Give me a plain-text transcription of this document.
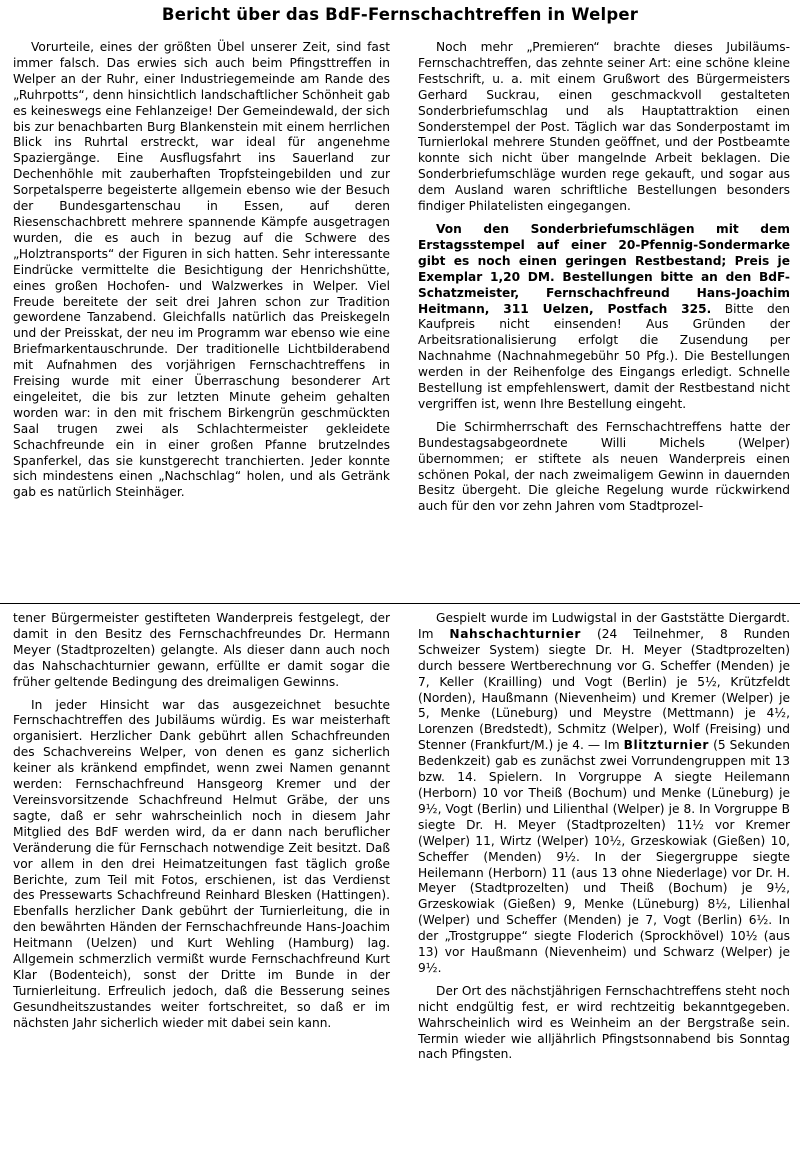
Bericht über das BdF-Fernschachtreffen in Welper

Vorurteile, eines der größten Übel unserer Zeit, sind fast immer falsch. Das erwies sich auch beim Pfingsttreffen in Welper an der Ruhr, einer Industriegemeinde am Rande des „Ruhrpotts“, denn hinsichtlich landschaftlicher Schönheit gab es keineswegs eine Fehlanzeige! Der Gemeindewald, der sich bis zur benachbarten Burg Blankenstein mit einem herrlichen Blick ins Ruhrtal erstreckt, war ideal für angenehme Spaziergänge. Eine Ausflugsfahrt ins Sauerland zur Dechenhöhle mit zauberhaften Tropfsteingebilden und zur Sorpetalsperre begeisterte allgemein ebenso wie der Besuch der Bundesgartenschau in Essen, auf deren Riesenschachbrett mehrere spannende Kämpfe ausgetragen wurden, die es auch in bezug auf die Schwere des „Holztransports“ der Figuren in sich hatten. Sehr interessante Eindrücke vermittelte die Besichtigung der Henrichshütte, eines großen Hochofen- und Walzwerkes in Welper. Viel Freude bereitete der seit drei Jahren schon zur Tradition gewordene Tanzabend. Gleichfalls natürlich das Preiskegeln und der Preisskat, der neu im Programm war ebenso wie eine Briefmarkentauschrunde. Der traditionelle Lichtbilderabend mit Aufnahmen des vorjährigen Fernschachtreffens in Freising wurde mit einer Überraschung besonderer Art eingeleitet, die bis zur letzten Minute geheim gehalten worden war: in den mit frischem Birkengrün geschmückten Saal trugen zwei als Schlachtermeister gekleidete Schachfreunde ein in einer großen Pfanne brutzelndes Spanferkel, das sie kunstgerecht tranchierten. Jeder konnte sich mindestens einen „Nachschlag“ holen, und als Getränk gab es natürlich Steinhäger.

Noch mehr „Premieren“ brachte dieses Jubiläums-Fernschachtreffen, das zehnte seiner Art: eine schöne kleine Festschrift, u. a. mit einem Grußwort des Bürgermeisters Gerhard Suckrau, einen geschmackvoll gestalteten Sonderbriefumschlag und als Hauptattraktion einen Sonderstempel der Post. Täglich war das Sonderpostamt im Turnierlokal mehrere Stunden geöffnet, und der Postbeamte konnte sich nicht über mangelnde Arbeit beklagen. Die Sonderbriefumschläge wurden rege gekauft, und sogar aus dem Ausland waren schriftliche Bestellungen besonders findiger Philatelisten eingegangen.

Von den Sonderbriefumschlägen mit dem Erstagsstempel auf einer 20-Pfennig-Sondermarke gibt es noch einen geringen Restbestand; Preis je Exemplar 1,20 DM. Bestellungen bitte an den BdF-Schatzmeister, Fernschachfreund Hans-Joachim Heitmann, 311 Uelzen, Postfach 325. Bitte den Kaufpreis nicht einsenden! Aus Gründen der Arbeitsrationalisierung erfolgt die Zusendung per Nachnahme (Nachnahmegebühr 50 Pfg.). Die Bestellungen werden in der Reihenfolge des Eingangs erledigt. Schnelle Bestellung ist empfehlenswert, damit der Restbestand nicht vergriffen ist, wenn Ihre Bestellung eingeht.

Die Schirmherrschaft des Fernschachtreffens hatte der Bundestagsabgeordnete Willi Michels (Welper) übernommen; er stiftete als neuen Wanderpreis einen schönen Pokal, der nach zweimaligem Gewinn in dauernden Besitz übergeht. Die gleiche Regelung wurde rückwirkend auch für den vor zehn Jahren vom Stadtprozel-

tener Bürgermeister gestifteten Wanderpreis festgelegt, der damit in den Besitz des Fernschachfreundes Dr. Hermann Meyer (Stadtprozelten) gelangte. Als dieser dann auch noch das Nahschachturnier gewann, erfüllte er damit sogar die früher geltende Bedingung des dreimaligen Gewinns.

In jeder Hinsicht war das ausgezeichnet besuchte Fernschachtreffen des Jubiläums würdig. Es war meisterhaft organisiert. Herzlicher Dank gebührt allen Schachfreunden des Schachvereins Welper, von denen es ganz sicherlich keiner als kränkend empfindet, wenn zwei Namen genannt werden: Fernschachfreund Hansgeorg Kremer und der Vereinsvorsitzende Schachfreund Helmut Gräbe, der uns sagte, daß er sehr wahrscheinlich noch in diesem Jahr Mitglied des BdF werden wird, da er dann nach beruflicher Veränderung die für Fernschach notwendige Zeit besitzt. Daß vor allem in den drei Heimatzeitungen fast täglich große Berichte, zum Teil mit Fotos, erschienen, ist das Verdienst des Pressewarts Schachfreund Reinhard Blesken (Hattingen). Ebenfalls herzlicher Dank gebührt der Turnierleitung, die in den bewährten Händen der Fernschachfreunde Hans-Joachim Heitmann (Uelzen) und Kurt Wehling (Hamburg) lag. Allgemein schmerzlich vermißt wurde Fernschachfreund Kurt Klar (Bodenteich), sonst der Dritte im Bunde in der Turnierleitung. Erfreulich jedoch, daß die Besserung seines Gesundheitszustandes weiter fortschreitet, so daß er im nächsten Jahr sicherlich wieder mit dabei sein kann.

Gespielt wurde im Ludwigstal in der Gaststätte Diergardt. Im Nahschachturnier (24 Teilnehmer, 8 Runden Schweizer System) siegte Dr. H. Meyer (Stadtprozelten) durch bessere Wertberechnung vor G. Scheffer (Menden) je 7, Keller (Krailling) und Vogt (Berlin) je 5½, Krützfeldt (Norden), Haußmann (Nievenheim) und Kremer (Welper) je 5, Menke (Lüneburg) und Meystre (Mettmann) je 4½, Lorenzen (Bredstedt), Schmitz (Welper), Wolf (Freising) und Stenner (Frankfurt/M.) je 4. — Im Blitzturnier (5 Sekunden Bedenkzeit) gab es zunächst zwei Vorrundengruppen mit 13 bzw. 14. Spielern. In Vorgruppe A siegte Heilemann (Herborn) 10 vor Theiß (Bochum) und Menke (Lüneburg) je 9½, Vogt (Berlin) und Lilienthal (Welper) je 8. In Vorgruppe B siegte Dr. H. Meyer (Stadtprozelten) 11½ vor Kremer (Welper) 11, Wirtz (Welper) 10½, Grzeskowiak (Gießen) 10, Scheffer (Menden) 9½. In der Siegergruppe siegte Heilemann (Herborn) 11 (aus 13 ohne Niederlage) vor Dr. H. Meyer (Stadtprozelten) und Theiß (Bochum) je 9½, Grzeskowiak (Gießen) 9, Menke (Lüneburg) 8½, Lilienhal (Welper) und Scheffer (Menden) je 7, Vogt (Berlin) 6½. In der „Trostgruppe“ siegte Floderich (Sprockhövel) 10½ (aus 13) vor Haußmann (Nievenheim) und Schwarz (Welper) je 9½.

Der Ort des nächstjährigen Fernschachtreffens steht noch nicht endgültig fest, er wird rechtzeitig bekanntgegeben. Wahrscheinlich wird es Weinheim an der Bergstraße sein. Termin wieder wie alljährlich Pfingstsonnabend bis Sonntag nach Pfingsten.
